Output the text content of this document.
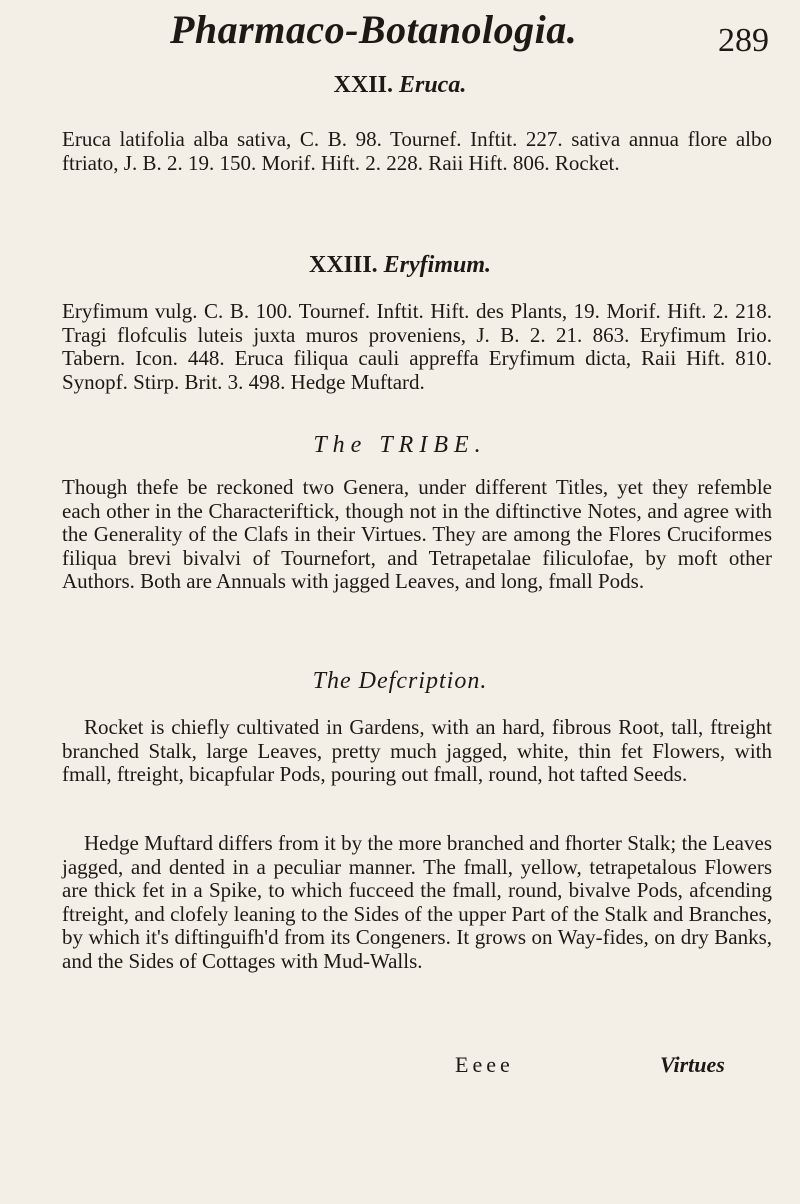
Pharmaco-Botanologia.	289
XXII. Eruca.

Eruca latifolia alba sativa, C. B. 98. Tournef. Inftit. 227. sativa annua flore albo ftriato, J. B. 2. 19. 150. Morif. Hift. 2. 228. Raii Hift. 806. Rocket.

XXIII. Eryfimum.

Eryfimum vulg. C. B. 100. Tournef. Inftit. Hift. des Plants, 19. Morif. Hift. 2. 218. Tragi flofculis luteis juxta muros proveniens, J. B. 2. 21. 863. Eryfimum Irio. Tabern. Icon. 448. Eruca filiqua cauli appreffa Eryfimum dicta, Raii Hift. 810. Synopf. Stirp. Brit. 3. 498. Hedge Muftard.

The TRIBE.

Though thefe be reckoned two Genera, under different Titles, yet they refemble each other in the Characteriftick, though not in the diftinctive Notes, and agree with the Generality of the Clafs in their Virtues. They are among the Flores Cruciformes filiqua brevi bivalvi of Tournefort, and Tetrapetalae filiculofae, by moft other Authors. Both are Annuals with jagged Leaves, and long, fmall Pods.

The Defcription.

Rocket is chiefly cultivated in Gardens, with an hard, fibrous Root, tall, ftreight branched Stalk, large Leaves, pretty much jagged, white, thin fet Flowers, with fmall, ftreight, bicapfular Pods, pouring out fmall, round, hot tafted Seeds.

Hedge Muftard differs from it by the more branched and fhorter Stalk; the Leaves jagged, and dented in a peculiar manner. The fmall, yellow, tetrapetalous Flowers are thick fet in a Spike, to which fucceed the fmall, round, bivalve Pods, afcending ftreight, and clofely leaning to the Sides of the upper Part of the Stalk and Branches, by which it's diftinguifh'd from its Congeners. It grows on Way-fides, on dry Banks, and the Sides of Cottages with Mud-Walls.

Eeee	Virtues
